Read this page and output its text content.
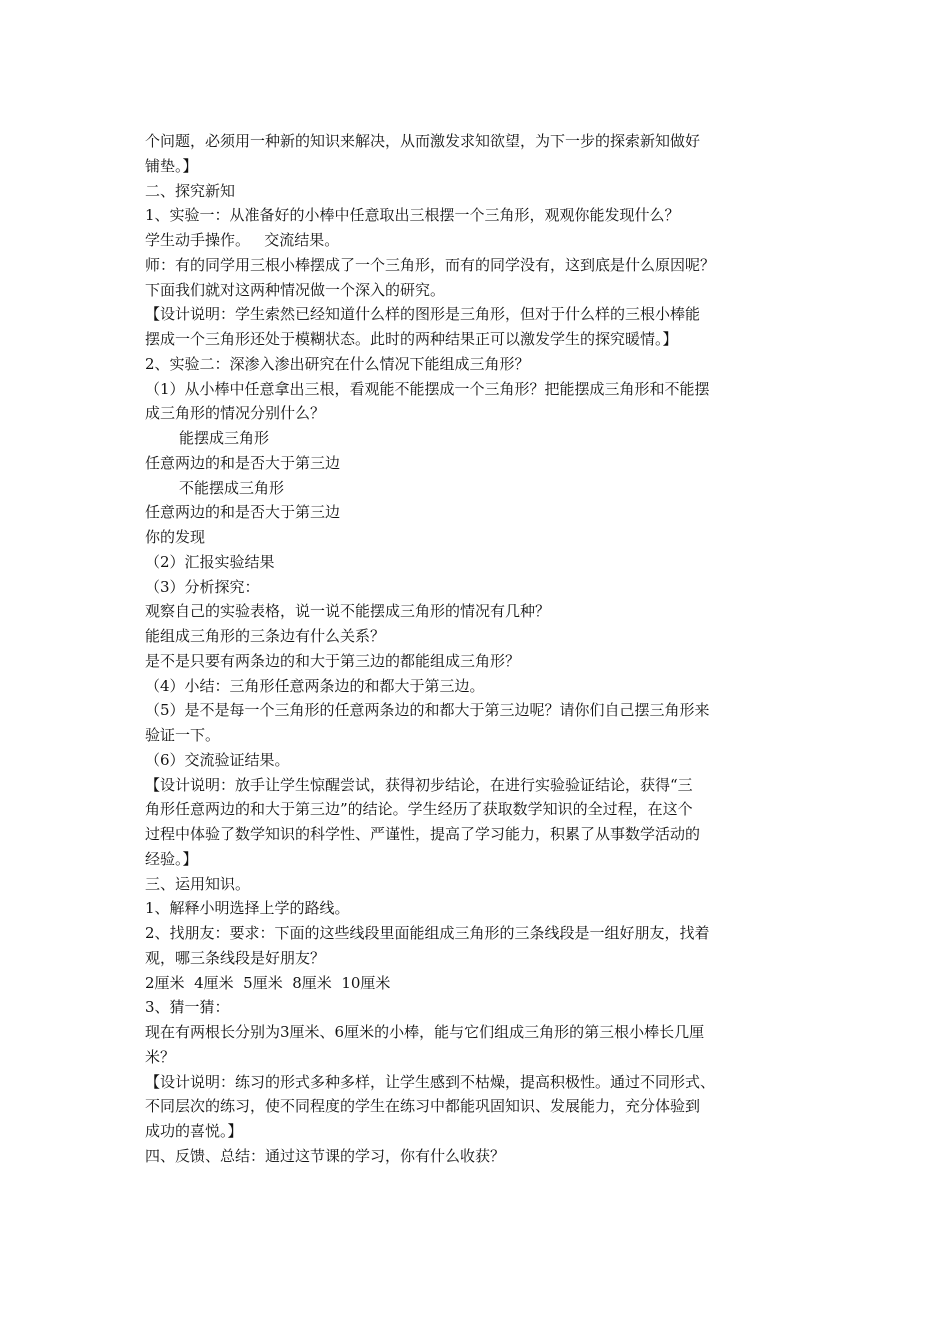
个问题，必须用一种新的知识来解决，从而激发求知欲望，为下一步的探索新知做好
铺垫。】
二、探究新知
1、实验一：从准备好的小棒中任意取出三根摆一个三角形，观观你能发现什么？
学生动手操作。   交流结果。
师：有的同学用三根小棒摆成了一个三角形，而有的同学没有，这到底是什么原因呢？
下面我们就对这两种情况做一个深入的研究。
【设计说明：学生索然已经知道什么样的图形是三角形，但对于什么样的三根小棒能
摆成一个三角形还处于模糊状态。此时的两种结果正可以激发学生的探究暖情。】
2、实验二：深渗入渗出研究在什么情况下能组成三角形？
（1）从小棒中任意拿出三根，看观能不能摆成一个三角形？把能摆成三角形和不能摆
成三角形的情况分别什么？
能摆成三角形
任意两边的和是否大于第三边
不能摆成三角形
任意两边的和是否大于第三边
你的发现
（2）汇报实验结果
（3）分析探究：
观察自己的实验表格，说一说不能摆成三角形的情况有几种？
能组成三角形的三条边有什么关系？
是不是只要有两条边的和大于第三边的都能组成三角形？
（4）小结：三角形任意两条边的和都大于第三边。
（5）是不是每一个三角形的任意两条边的和都大于第三边呢？请你们自己摆三角形来
验证一下。
（6）交流验证结果。
【设计说明：放手让学生惊醒尝试，获得初步结论，在进行实验验证结论，获得“三
角形任意两边的和大于第三边”的结论。学生经历了获取数学知识的全过程，在这个
过程中体验了数学知识的科学性、严谨性，提高了学习能力，积累了从事数学活动的
经验。】
三、运用知识。
1、解释小明选择上学的路线。
2、找朋友：要求：下面的这些线段里面能组成三角形的三条线段是一组好朋友，找着
观，哪三条线段是好朋友？
2厘米  4厘米  5厘米  8厘米  10厘米
3、猜一猜：
现在有两根长分别为3厘米、6厘米的小棒，能与它们组成三角形的第三根小棒长几厘
米？
【设计说明：练习的形式多种多样，让学生感到不枯燥，提高积极性。通过不同形式、
不同层次的练习，使不同程度的学生在练习中都能巩固知识、发展能力，充分体验到
成功的喜悦。】
四、反馈、总结：通过这节课的学习，你有什么收获？
